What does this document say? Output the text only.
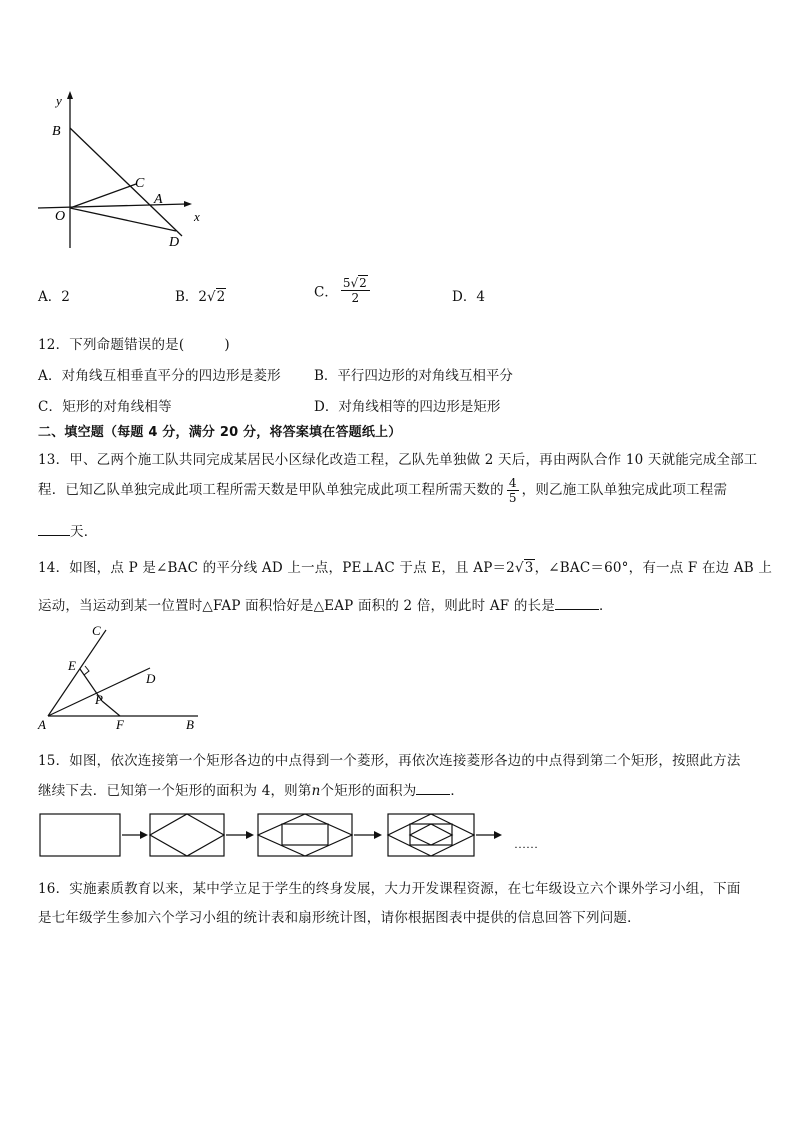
y
x
B
C
A
O
D
A．2	B．2√2	C． $\frac{5√2}{2}$	D．4
12．下列命题错误的是(	)
A．对角线互相垂直平分的四边形是菱形 B．平行四边形的对角线互相平分
C．矩形的对角线相等	D．对角线相等的四边形是矩形
二、填空题（每题 4 分，满分 20 分，将答案填在答题纸上）
13．甲、乙两个施工队共同完成某居民小区绿化改造工程，乙队先单独做 2 天后，再由两队合作 10 天就能完成全部工
程．已知乙队单独完成此项工程所需天数是甲队单独完成此项工程所需天数的 $\frac{4}{5}$ ，则乙施工队单独完成此项工程需
天．
14．如图，点 P 是∠BAC 的平分线 AD 上一点，PE⊥AC 于点 E，且 AP＝2√3，∠BAC＝60°，有一点 F 在边 AB 上
运动，当运动到某一位置时△FAP 面积恰好是△EAP 面积的 2 倍，则此时 AF 的长是	．
C
E
D
P
A	F	B
15．如图，依次连接第一个矩形各边的中点得到一个菱形，再依次连接菱形各边的中点得到第二个矩形，按照此方法
继续下去．已知第一个矩形的面积为 4，则第n个矩形的面积为	．
……
16．实施素质教育以来，某中学立足于学生的终身发展，大力开发课程资源，在七年级设立六个课外学习小组，下面
是七年级学生参加六个学习小组的统计表和扇形统计图，请你根据图表中提供的信息回答下列问题．
